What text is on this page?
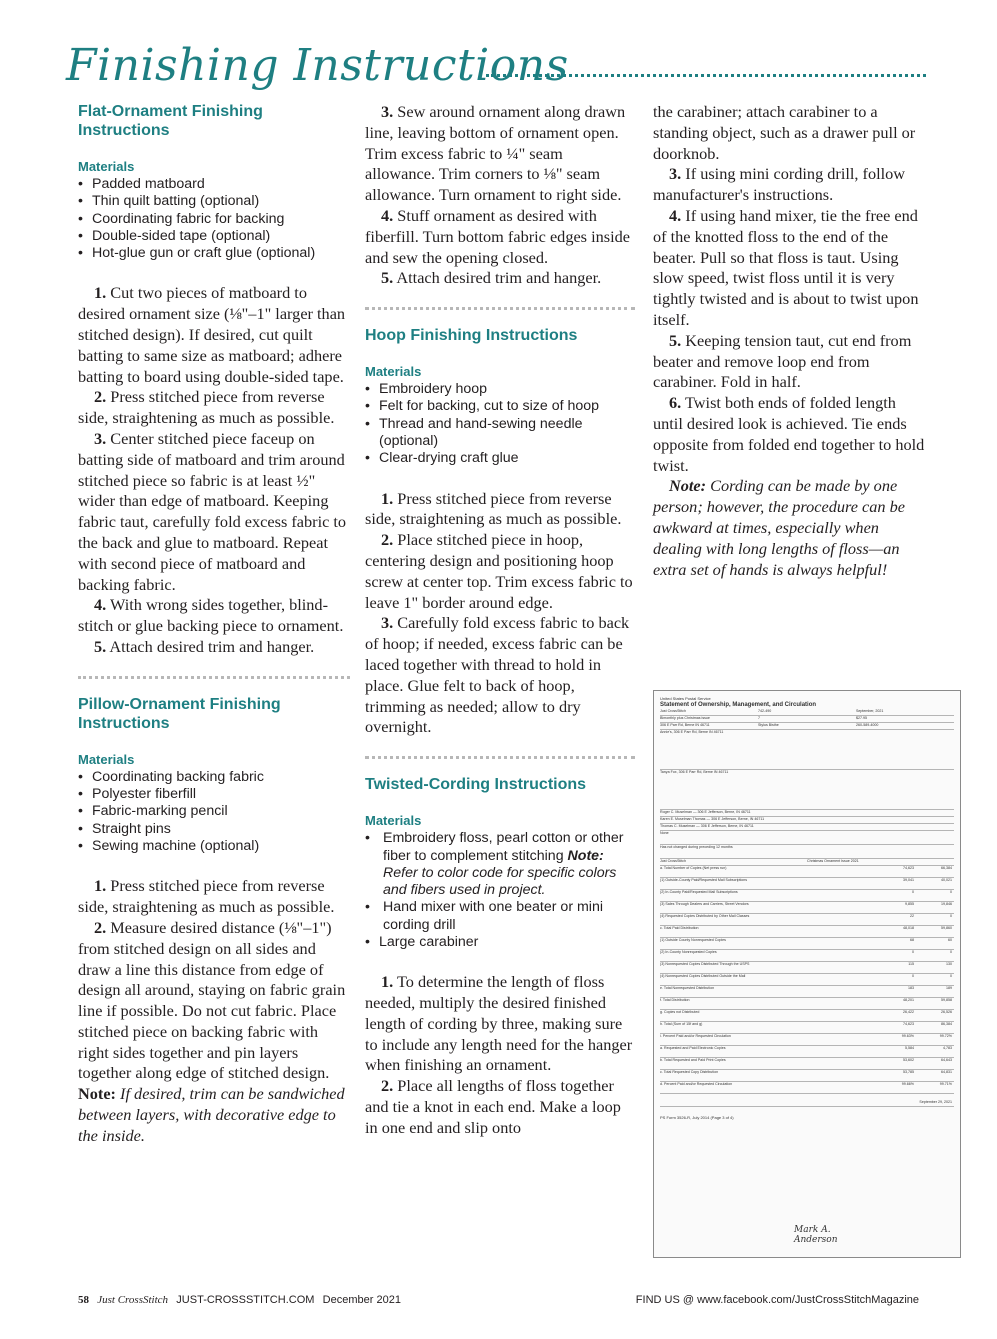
Finishing Instructions
Flat-Ornament Finishing Instructions
Materials
• Padded matboard
• Thin quilt batting (optional)
• Coordinating fabric for backing
• Double-sided tape (optional)
• Hot-glue gun or craft glue (optional)

1. Cut two pieces of matboard to desired ornament size (⅛"–1" larger than stitched design). If desired, cut quilt batting to same size as matboard; adhere batting to board using double-sided tape.

2. Press stitched piece from reverse side, straightening as much as possible.

3. Center stitched piece faceup on batting side of matboard and trim around stitched piece so fabric is at least ½" wider than edge of matboard. Keeping fabric taut, carefully fold excess fabric to the back and glue to matboard. Repeat with second piece of matboard and backing fabric.

4. With wrong sides together, blind-stitch or glue backing piece to ornament.

5. Attach desired trim and hanger.

Pillow-Ornament Finishing Instructions
Materials
• Coordinating backing fabric
• Polyester fiberfill
• Fabric-marking pencil
• Straight pins
• Sewing machine (optional)

1. Press stitched piece from reverse side, straightening as much as possible.

2. Measure desired distance (⅛"–1") from stitched design on all sides and draw a line this distance from edge of design all around, staying on fabric grain line if possible. Do not cut fabric. Place stitched piece on backing fabric with right sides together and pin layers together along edge of stitched design. Note: If desired, trim can be sandwiched between layers, with decorative edge to the inside.

3. Sew around ornament along drawn line, leaving bottom of ornament open. Trim excess fabric to ¼" seam allowance. Trim corners to ⅛" seam allowance. Turn ornament to right side.

4. Stuff ornament as desired with fiberfill. Turn bottom fabric edges inside and sew the opening closed.

5. Attach desired trim and hanger.

Hoop Finishing Instructions
Materials
• Embroidery hoop
• Felt for backing, cut to size of hoop
• Thread and hand-sewing needle (optional)
• Clear-drying craft glue

1. Press stitched piece from reverse side, straightening as much as possible.

2. Place stitched piece in hoop, centering design and positioning hoop screw at center top. Trim excess fabric to leave 1" border around edge.

3. Carefully fold excess fabric to back of hoop; if needed, excess fabric can be laced together with thread to hold in place. Glue felt to back of hoop, trimming as needed; allow to dry overnight.

Twisted-Cording Instructions
Materials
• Embroidery floss, pearl cotton or other fiber to complement stitching Note: Refer to color code for specific colors and fibers used in project.
• Hand mixer with one beater or mini cording drill
• Large carabiner

1. To determine the length of floss needed, multiply the desired finished length of cording by three, making sure to include any length need for the hanger when finishing an ornament.

2. Place all lengths of floss together and tie a knot in each end. Make a loop in one end and slip onto

the carabiner; attach carabiner to a standing object, such as a drawer pull or doorknob.

3. If using mini cording drill, follow manufacturer's instructions.

4. If using hand mixer, tie the free end of the knotted floss to the end of the beater. Pull so that floss is taut. Using slow speed, twist floss until it is very tightly twisted and is about to twist upon itself.

5. Keeping tension taut, cut end from beater and remove loop end from carabiner. Fold in half.

6. Twist both ends of folded length until desired look is achieved. Tie ends opposite from folded end together to hold twist.

Note: Cording can be made by one person; however, the procedure can be awkward at times, especially when dealing with long lengths of floss—an extra set of hands is always helpful!

United States Postal Service
Statement of Ownership, Management, and Circulation
Just CrossStitch	742-490	September, 2021
Bimonthly plus Christmas issue	7	$27.95
306 E Parr Rd, Berne IN 46711	Stylus Bisthe	260-589-4000
Annie's, 306 E Parr Rd, Berne IN 46711
Tanya Fox, 306 E Parr Rd, Berne IN 46711
Roger C. Muselman — 306 E Jefferson, Berne, IN 46711
Karen E. Muselman Thomas — 306 E Jefferson, Berne, IN 46711
Thomas C. Muselman — 306 E Jefferson, Berne, IN 46711
None
Has not changed during preceding 12 months
Just CrossStitch	Christmas Ornament Issue 2021
a. Total Number of Copies (Net press run)	74,623	66,384
(1) Outside-County Paid/Requested Mail Subscriptions	39,041	40,021
(2) In-County Paid/Requested Mail Subscriptions	0	0
(3) Sales Through Dealers and Carriers, Street Vendors	9,855	19,846
(4) Requested Copies Distributed by Other Mail Classes	22	0
c. Total Paid Distribution	48,018	59,860
(1) Outside County Nonrequested Copies	68	60
(2) In-County Nonrequested Copies	0	0
(3) Nonrequested Copies Distributed Through the USPS	115	130
(4) Nonrequested Copies Distributed Outside the Mail	0	0
e. Total Nonrequested Distribution	183	189
f. Total Distribution	48,201	59,858
g. Copies not Distributed	26,422	26,526
h. Total (Sum of 15f and g)	74,623	86,384
i. Percent Paid and/or Requested Circulation	99.63%	99.72%
a. Requested and Paid Electronic Copies	5,584	4,783
b. Total Requested and Paid Print Copies	53,602	64,643
c. Total Requested Copy Distribution	53,785	64,831
d. Percent Paid and/or Requested Circulation	99.66%	99.71%
September 29, 2021
PS Form 3526-R, July 2014 (Page 3 of 4)
Mark A. Anderson
58 Just CrossStitch JUST-CROSSSTITCH.COM December 2021	FIND US @ www.facebook.com/JustCrossStitchMagazine
